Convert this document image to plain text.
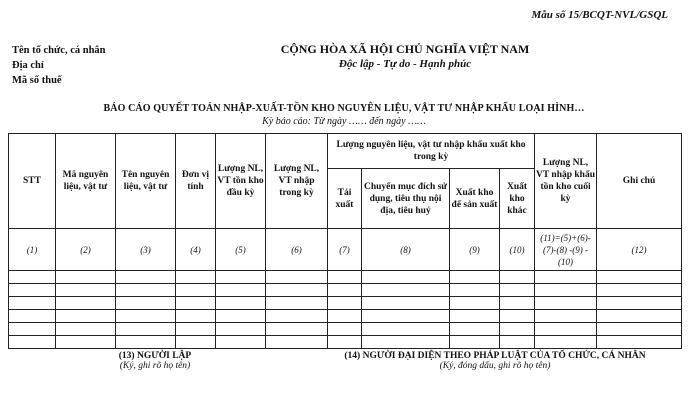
Mẫu số 15/BCQT-NVL/GSQL
Tên tổ chức, cá nhân
Địa chỉ
Mã số thuế
CỘNG HÒA XÃ HỘI CHỦ NGHĨA VIỆT NAM
Độc lập - Tự do - Hạnh phúc
BÁO CÁO QUYẾT TOÁN NHẬP-XUẤT-TỒN KHO NGUYÊN LIỆU, VẬT TƯ NHẬP KHẨU LOẠI HÌNH…
Kỳ báo cáo: Từ ngày …… đến ngày ……
STT	Mã nguyên liệu, vật tư	Tên nguyên liệu, vật tư	Đơn vị tính	Lượng NL, VT tồn kho đầu kỳ	Lượng NL, VT nhập trong kỳ	Lượng nguyên liệu, vật tư nhập khẩu xuất kho trong kỳ				Lượng NL, VT nhập khẩu tồn kho cuối kỳ	Ghi chú
						Tái xuất	Chuyển mục đích sử dụng, tiêu thụ nội địa, tiêu huỷ	Xuất kho để sản xuất	Xuất kho khác		
(1)	(2)	(3)	(4)	(5)	(6)	(7)	(8)	(9)	(10)	(11)=(5)+(6)-(7)-(8) -(9) - (10)	(12)

(13) NGƯỜI LẬP
(Ký, ghi rõ họ tên)
(14) NGƯỜI ĐẠI DIỆN THEO PHÁP LUẬT CỦA TỔ CHỨC, CÁ NHÂN
(Ký, đóng dấu, ghi rõ họ tên)
